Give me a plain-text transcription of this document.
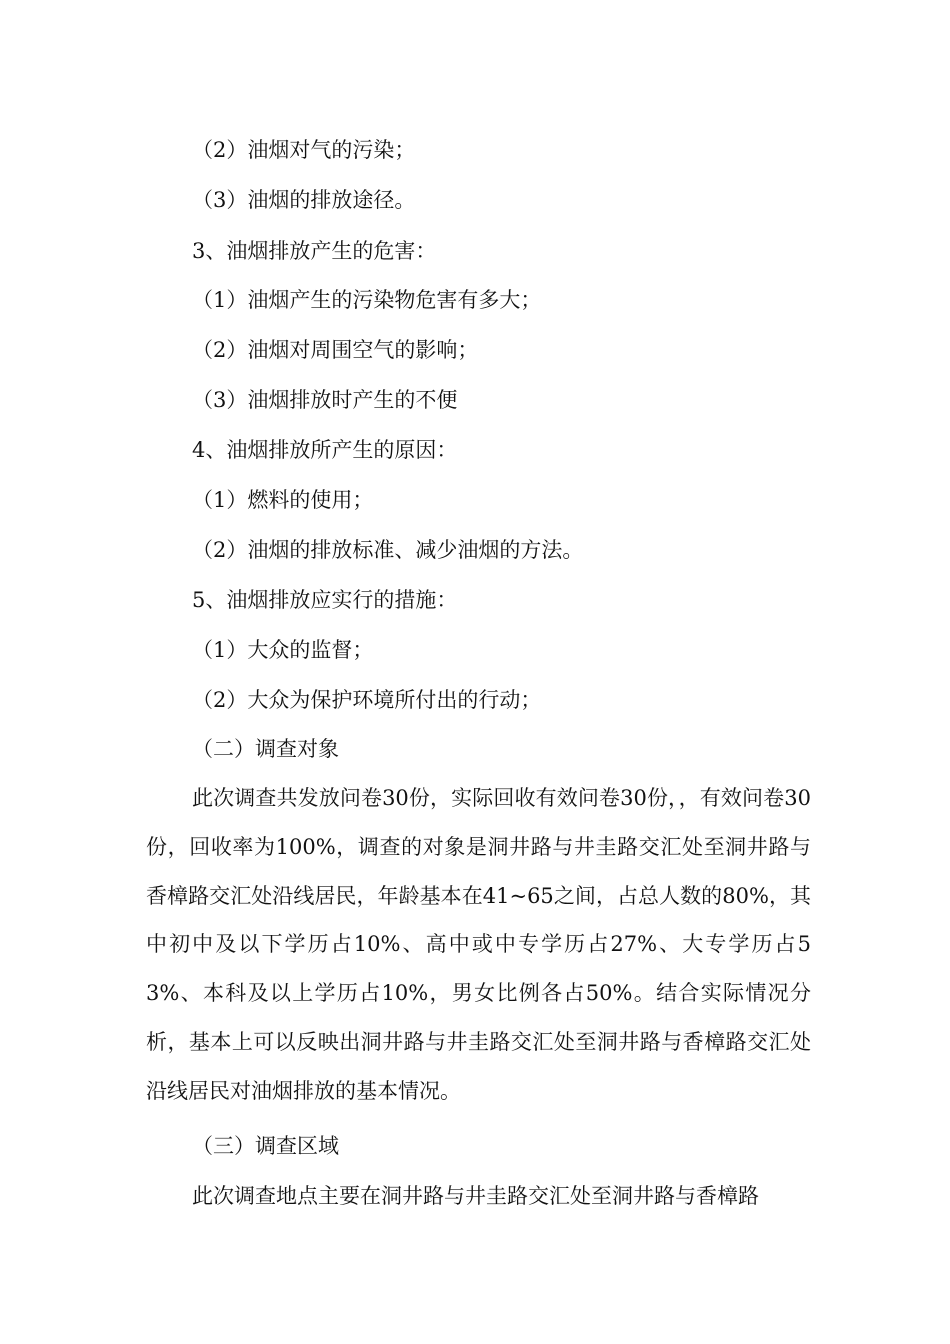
（2）油烟对气的污染；
（3）油烟的排放途径。
3、油烟排放产生的危害：
（1）油烟产生的污染物危害有多大；
（2）油烟对周围空气的影响；
（3）油烟排放时产生的不便
4、油烟排放所产生的原因：
（1）燃料的使用；
（2）油烟的排放标准、减少油烟的方法。
5、油烟排放应实行的措施：
（1）大众的监督；
（2）大众为保护环境所付出的行动；
（二）调查对象
此次调查共发放问卷30份，实际回收有效问卷30份，，有效问卷30份，回收率为100%，调查的对象是洞井路与井圭路交汇处至洞井路与香樟路交汇处沿线居民，年龄基本在41~65之间，占总人数的80%，其中初中及以下学历占10%、高中或中专学历占27%、大专学历占53%、本科及以上学历占10%，男女比例各占50%。结合实际情况分析，基本上可以反映出洞井路与井圭路交汇处至洞井路与香樟路交汇处沿线居民对油烟排放的基本情况。
（三）调查区域
此次调查地点主要在洞井路与井圭路交汇处至洞井路与香樟路
